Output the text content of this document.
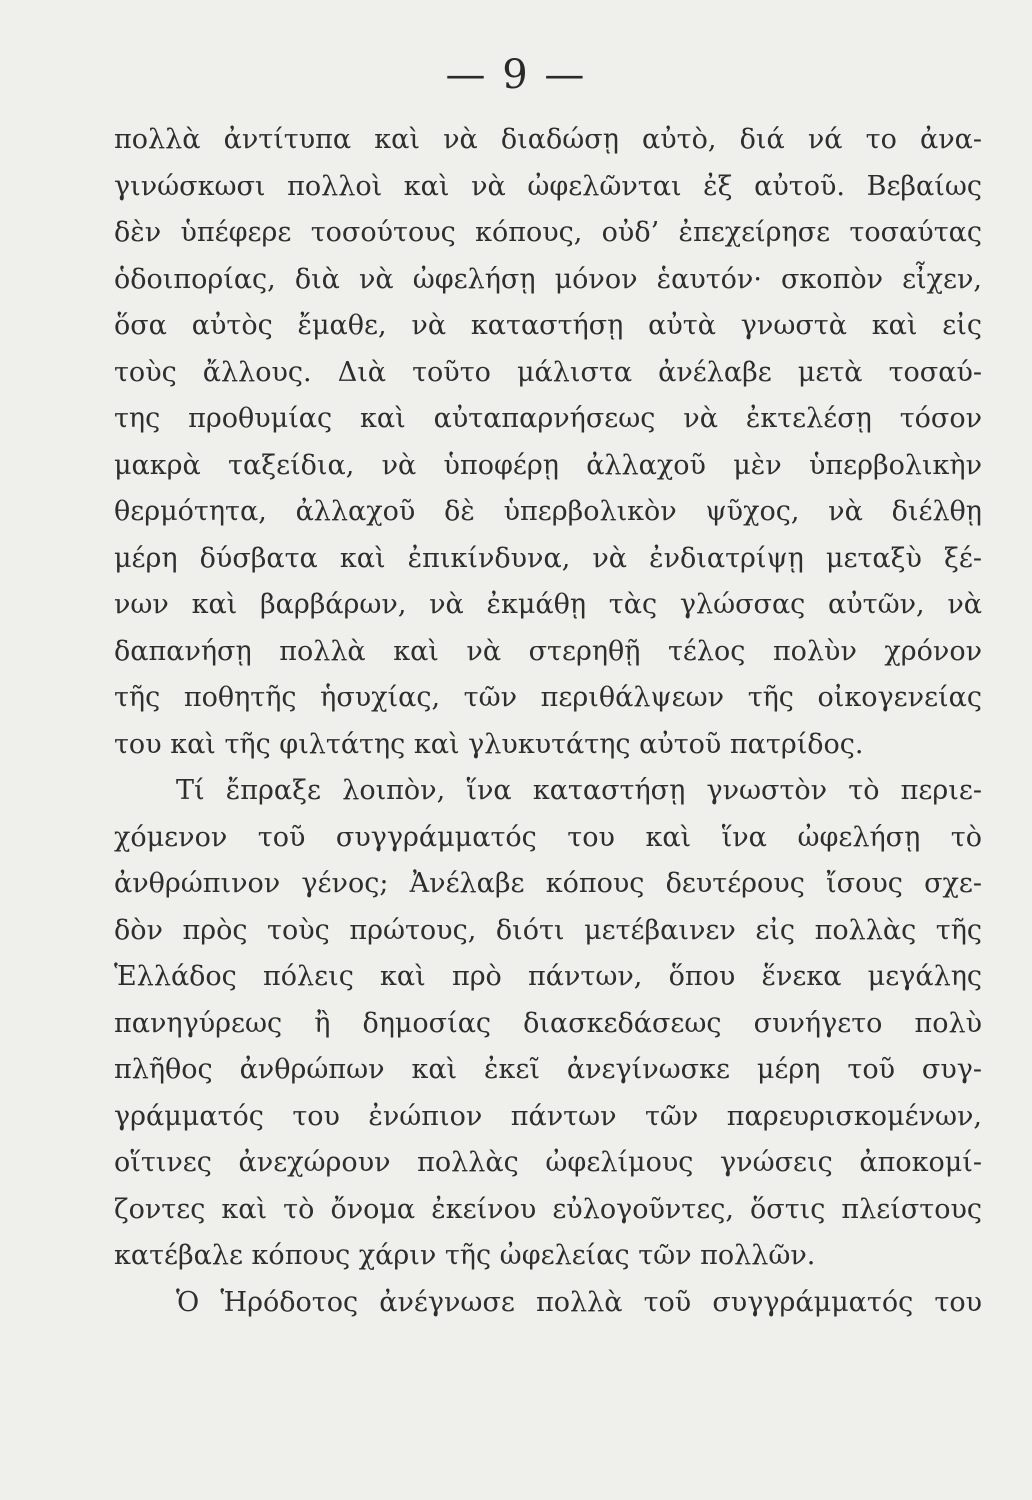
— 9 —
πολλὰ ἀντίτυπα καὶ νὰ διαδώσῃ αὐτὸ, διά νά το ἀνα-
γινώσκωσι πολλοὶ καὶ νὰ ὠφελῶνται ἐξ αὐτοῦ. Βεβαίως
δὲν ὑπέφερε τοσούτους κόπους, οὐδ’ ἐπεχείρησε τοσαύτας
ὁδοιπορίας, διὰ νὰ ὠφελήσῃ μόνον ἑαυτόν· σκοπὸν εἶχεν,
ὅσα αὐτὸς ἔμαθε, νὰ καταστήσῃ αὐτὰ γνωστὰ καὶ εἰς
τοὺς ἄλλους. Διὰ τοῦτο μάλιστα ἀνέλαβε μετὰ τοσαύ-
της προθυμίας καὶ αὐταπαρνήσεως νὰ ἐκτελέσῃ τόσον
μακρὰ ταξείδια, νὰ ὑποφέρῃ ἀλλαχοῦ μὲν ὑπερβολικὴν
θερμότητα, ἀλλαχοῦ δὲ ὑπερβολικὸν ψῦχος, νὰ διέλθῃ
μέρη δύσβατα καὶ ἐπικίνδυνα, νὰ ἐνδιατρίψῃ μεταξὺ ξέ-
νων καὶ βαρβάρων, νὰ ἐκμάθῃ τὰς γλώσσας αὐτῶν, νὰ
δαπανήσῃ πολλὰ καὶ νὰ στερηθῇ τέλος πολὺν χρόνον
τῆς ποθητῆς ἡσυχίας, τῶν περιθάλψεων τῆς οἰκογενείας
του καὶ τῆς φιλτάτης καὶ γλυκυτάτης αὐτοῦ πατρίδος.
Τί ἔπραξε λοιπὸν, ἵνα καταστήσῃ γνωστὸν τὸ περιε-
χόμενον τοῦ συγγράμματός του καὶ ἵνα ὠφελήσῃ τὸ
ἀνθρώπινον γένος; Ἀνέλαβε κόπους δευτέρους ἴσους σχε-
δὸν πρὸς τοὺς πρώτους, διότι μετέβαινεν εἰς πολλὰς τῆς
Ἑλλάδος πόλεις καὶ πρὸ πάντων, ὅπου ἕνεκα μεγάλης
πανηγύρεως ἢ δημοσίας διασκεδάσεως συνήγετο πολὺ
πλῆθος ἀνθρώπων καὶ ἐκεῖ ἀνεγίνωσκε μέρη τοῦ συγ-
γράμματός του ἐνώπιον πάντων τῶν παρευρισκομένων,
οἵτινες ἀνεχώρουν πολλὰς ὠφελίμους γνώσεις ἀποκομί-
ζοντες καὶ τὸ ὄνομα ἐκείνου εὐλογοῦντες, ὅστις πλείστους
κατέβαλε κόπους χάριν τῆς ὠφελείας τῶν πολλῶν.
Ὁ Ἡρόδοτος ἀνέγνωσε πολλὰ τοῦ συγγράμματός του
